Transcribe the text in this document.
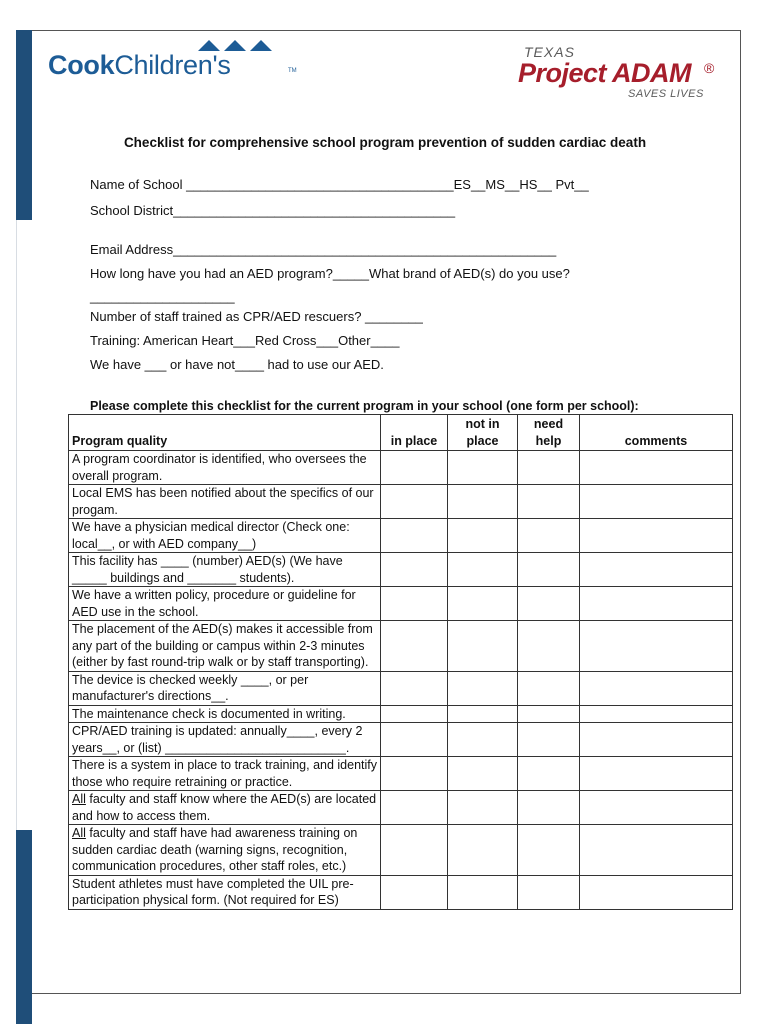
CookChildren's	TM
TEXAS
Project ADAM ®
SAVES LIVES
Checklist for comprehensive school program prevention of sudden cardiac death
Name of School _____________________________________ES__MS__HS__ Pvt__
School District_______________________________________
Email Address_____________________________________________________
How long have you had an AED program?_____What brand of AED(s) do you use?
____________________
Number of staff trained as CPR/AED rescuers? ________
Training: American Heart___Red Cross___Other____
We have ___ or have not____ had to use our AED.
Please complete this checklist for the current program in your school (one form per school):
Program quality	in place	not in place	need help	comments
A program coordinator is identified, who oversees the overall program.				
Local EMS has been notified about the specifics of our progam.				
We have a physician medical director (Check one: local__, or with AED company__)				
This facility has ____ (number) AED(s) (We have _____ buildings and _______ students).				
We have a written policy, procedure or guideline for AED use in the school.				
The placement of the AED(s) makes it accessible from any part of the building or campus within 2-3 minutes (either by fast round-trip walk or by staff transporting).				
The device is checked weekly ____, or per manufacturer's directions__.				
The maintenance check is documented in writing.				
CPR/AED training is updated: annually____, every 2 years__, or (list) __________________________.				
There is a system in place to track training, and identify those who require retraining or practice.				
All faculty and staff know where the AED(s) are located and how to access them.				
All faculty and staff have had awareness training on sudden cardiac death (warning signs, recognition, communication procedures, other staff roles, etc.)				
Student athletes must have completed the UIL pre-participation physical form. (Not required for ES)				
